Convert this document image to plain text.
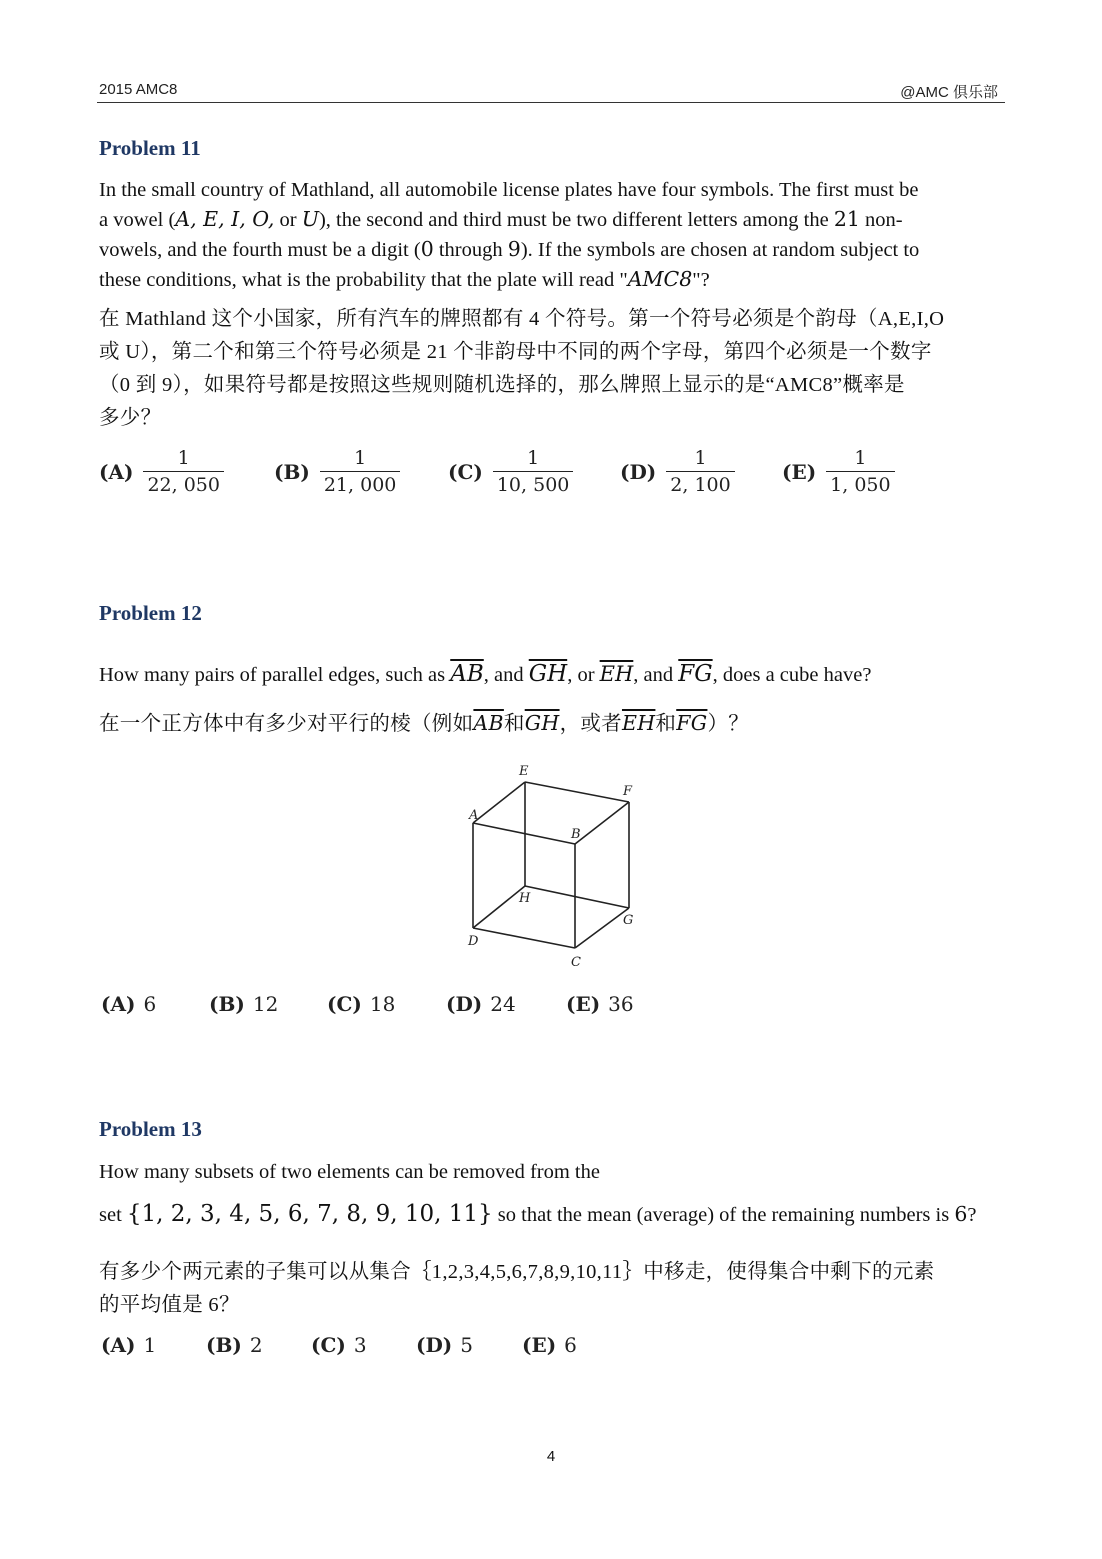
2015 AMC8	@AMC 俱乐部
Problem 11

In the small country of Mathland, all automobile license plates have four symbols. The first must be

a vowel (A, E, I, O, or U), the second and third must be two different letters among the 21 non-

vowels, and the fourth must be a digit (0 through 9). If the symbols are chosen at random subject to

these conditions, what is the probability that the plate will read "AMC8"?

在 Mathland 这个小国家，所有汽车的牌照都有 4 个符号。第一个符号必须是个韵母（A,E,I,O

或 U），第二个和第三个符号必须是 21 个非韵母中不同的两个字母，第四个必须是一个数字

（0 到 9），如果符号都是按照这些规则随机选择的，那么牌照上显示的是“AMC8”概率是

多少？

$(A) \frac{1}{22, 050}$	$(B) \frac{1}{21, 000} (C) \frac{1}{10, 500} (D) \frac{1}{2, 100} (E) \frac{1}{1, 050}$
Problem 12

How many pairs of parallel edges, such as $\overline{AB}$, and $\overline{GH}$, or $\overline{EH}$, and $\overline{FG}$, does a cube have?

在一个正方体中有多少对平行的棱（例如$\overline{AB}$和$\overline{GH}$，或者$\overline{EH}$和$\overline{FG}$）？

E
F
A
B
H
G
D
C
(A) 6	(B) 12 (C) 18	(D) 24	(E) 36
Problem 13
How many subsets of two elements can be removed from the

set {1, 2, 3, 4, 5, 6, 7, 8, 9, 10, 11} so that the mean (average) of the remaining numbers is 6?

有多少个两元素的子集可以从集合｛1,2,3,4,5,6,7,8,9,10,11｝中移走，使得集合中剩下的元素

的平均值是 6？

(A) 1 (B) 2 (C) 3 (D) 5 (E) 6
4
